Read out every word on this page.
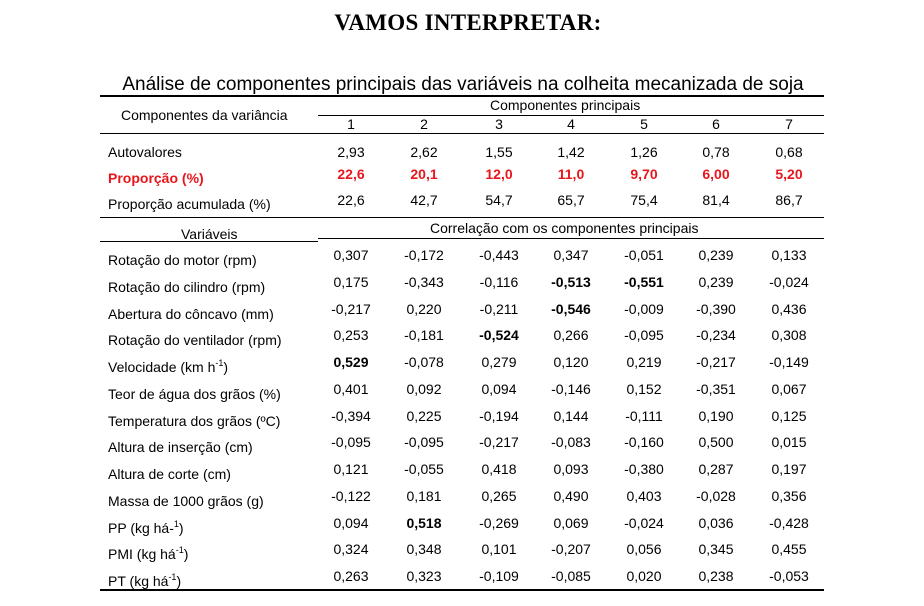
VAMOS INTERPRETAR:
Análise de componentes principais das variáveis na colheita mecanizada de soja
Componentes da variância
Componentes principais
1	2	3	4	5	6	7
Autovalores	2,93	2,62	1,55	1,42	1,26	0,78	0,68
Proporção (%)	22,6	20,1	12,0	11,0	9,70	6,00	5,20
Proporção acumulada (%)	22,6	42,7	54,7	65,7	75,4	81,4	86,7
Variáveis	Correlação com os componentes principais
Rotação do motor (rpm)	0,307	-0,172	-0,443	0,347	-0,051	0,239	0,133
Rotação do cilindro (rpm)	0,175	-0,343	-0,116	-0,513	-0,551	0,239	-0,024
Abertura do côncavo (mm)	-0,217	0,220	-0,211	-0,546	-0,009	-0,390	0,436
Rotação do ventilador (rpm)	0,253	-0,181	-0,524	0,266	-0,095	-0,234	0,308
Velocidade (km $h^{-1}$)	0,529	-0,078	0,279	0,120	0,219	-0,217	-0,149
Teor de água dos grãos (%)	0,401	0,092	0,094	-0,146	0,152	-0,351	0,067
Temperatura dos grãos (ºC)	-0,394	0,225	-0,194	0,144	-0,111	0,190	0,125
Altura de inserção (cm)	-0,095	-0,095	-0,217	-0,083	-0,160	0,500	0,015
Altura de corte (cm)	0,121	-0,055	0,418	0,093	-0,380	0,287	0,197
Massa de 1000 grãos (g)	-0,122	0,181	0,265	0,490	0,403	-0,028	0,356
PP (kg há-$^1$)	0,094	0,518	-0,269	0,069	-0,024	0,036	-0,428
PMI (kg $há^{-1}$)	0,324	0,348	0,101	-0,207	0,056	0,345	0,455
PT (kg $há^{-1}$)	0,263	0,323	-0,109	-0,085	0,020	0,238	-0,053
